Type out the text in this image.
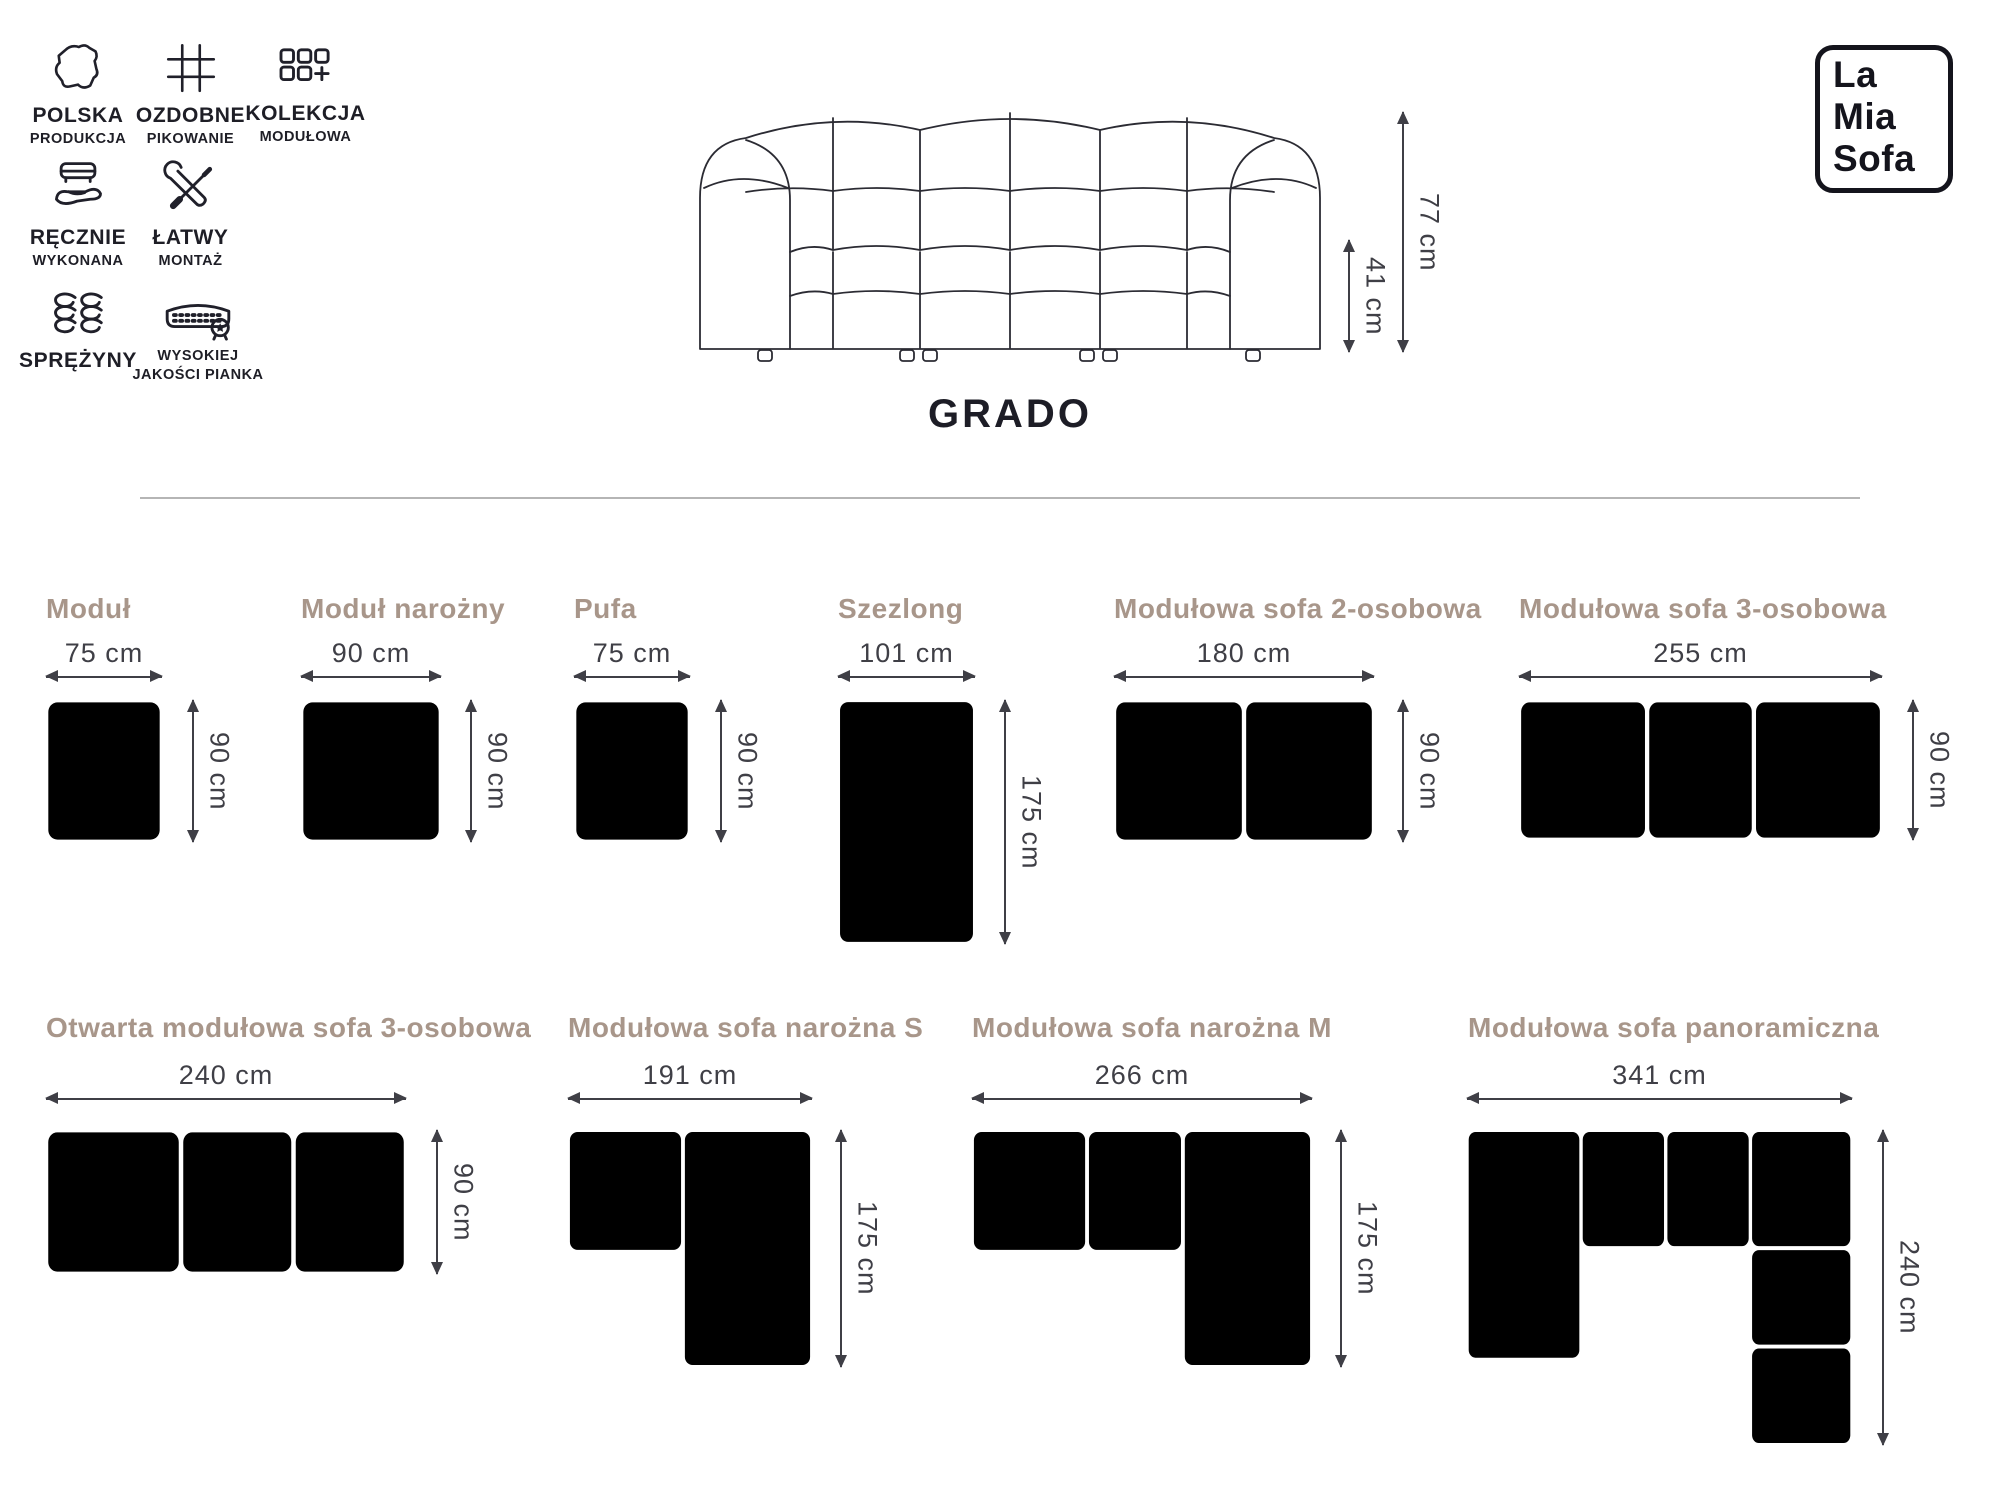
POLSKA
PRODUKCJA
OZDOBNE
PIKOWANIE
KOLEKCJA
MODUŁOWA
RĘCZNIE
WYKONANA
ŁATWY
MONTAŻ
SPRĘŻYNY WYSOKIEJ
JAKOŚCI PIANKA
La
Mia
Sofa
41 cm
77 cm
GRADO
Moduł
75 cm
90 cm
Moduł narożny
90 cm
90 cm
Pufa
75 cm
90 cm
Szezlong
101 cm
175 cm
Modułowa sofa 2-osobowa
180 cm
90 cm
Modułowa sofa 3-osobowa
255 cm
90 cm
Otwarta modułowa sofa 3-osobowa
240 cm
90 cm
Modułowa sofa narożna S
191 cm
175 cm
Modułowa sofa narożna M
266 cm
175 cm
Modułowa sofa panoramiczna
341 cm
240 cm
